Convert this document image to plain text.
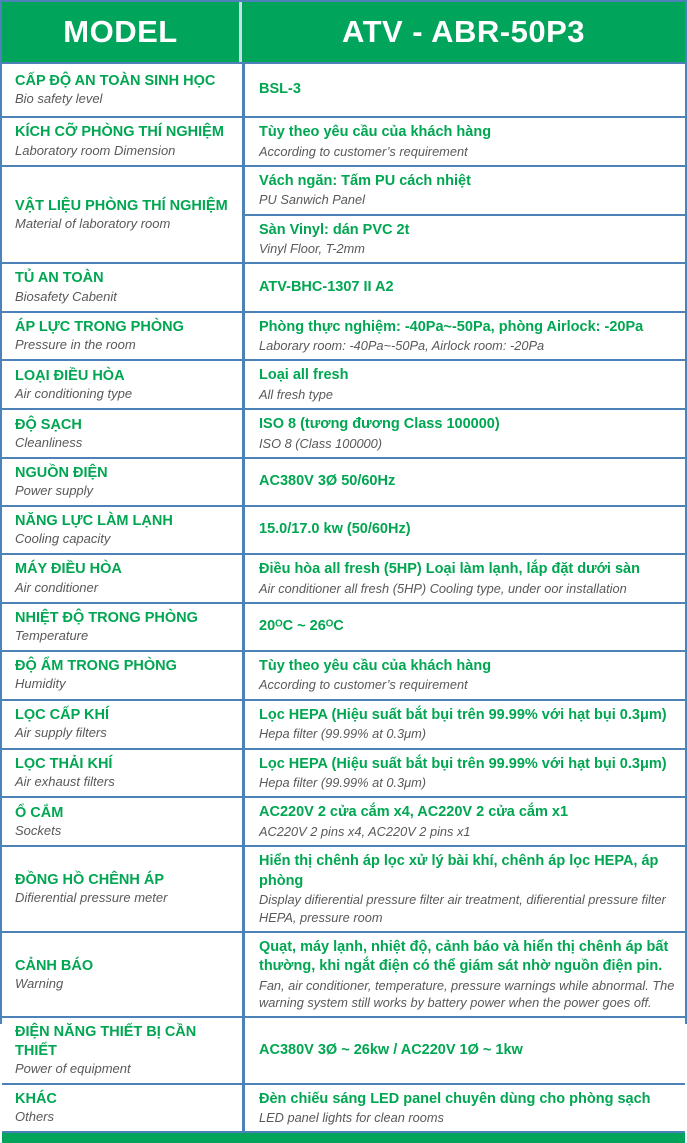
MODEL	ATV - ABR-50P3
CẤP ĐỘ AN TOÀN SINH HỌC
Bio safety level
BSL-3
KÍCH CỠ PHÒNG THÍ NGHIỆM
Laboratory room Dimension
Tùy theo yêu cầu của khách hàng
According to customer’s requirement
VẬT LIỆU PHÒNG THÍ NGHIỆM
Material of laboratory room
Vách ngăn: Tấm PU cách nhiệt
PU Sanwich Panel
Sàn Vinyl: dán PVC 2t
Vinyl Floor, T-2mm
TỦ AN TOÀN
Biosafety Cabenit
ATV-BHC-1307 II A2
ÁP LỰC TRONG PHÒNG
Pressure in the room
Phòng thực nghiệm: -40Pa~-50Pa, phòng Airlock: -20Pa
Laborary room: -40Pa~-50Pa, Airlock room: -20Pa
LOẠI ĐIỀU HÒA
Air conditioning type
Loại all fresh
All fresh type
ĐỘ SẠCH
Cleanliness
ISO 8 (tương đương Class 100000)
ISO 8 (Class 100000)
NGUỒN ĐIỆN
Power supply
AC380V 3Ø 50/60Hz
NĂNG LỰC LÀM LẠNH
Cooling capacity
15.0/17.0 kw (50/60Hz)
MÁY ĐIỀU HÒA
Air conditioner
Điều hòa all fresh (5HP) Loại làm lạnh, lắp đặt dưới sàn
Air conditioner all fresh (5HP) Cooling type, under oor installation
NHIỆT ĐỘ TRONG PHÒNG
Temperature
20ᴼC ~ 26ᴼC
ĐỘ ẨM TRONG PHÒNG
Humidity
Tùy theo yêu cầu của khách hàng
According to customer’s requirement
LỌC CẤP KHÍ
Air supply filters
Lọc HEPA (Hiệu suất bắt bụi trên 99.99% với hạt bụi 0.3μm)
Hepa filter (99.99% at 0.3μm)
LỌC THẢI KHÍ
Air exhaust filters
Lọc HEPA (Hiệu suất bắt bụi trên 99.99% với hạt bụi 0.3μm)
Hepa filter (99.99% at 0.3μm)
Ổ CẮM
Sockets
AC220V 2 cửa cắm x4, AC220V 2 cửa cắm x1
AC220V 2 pins x4, AC220V 2 pins x1
ĐỒNG HỒ CHÊNH ÁP
Difierential pressure meter
Hiển thị chênh áp lọc xử lý bài khí, chênh áp lọc HEPA, áp phòng
Display difierential pressure filter air treatment, difierential pressure filter HEPA, pressure room
CẢNH BÁO
Warning
Quạt, máy lạnh, nhiệt độ, cảnh báo và hiển thị chênh áp bất thường, khi ngắt điện có thể giám sát nhờ nguồn điện pin.
Fan, air conditioner, temperature, pressure warnings while abnormal. The warning system still works by battery power when the power goes off.
ĐIỆN NĂNG THIẾT BỊ CẦN THIẾT
Power of equipment
AC380V 3Ø ~ 26kw / AC220V 1Ø ~ 1kw
KHÁC
Others
Đèn chiếu sáng LED panel chuyên dùng cho phòng sạch
LED panel lights for clean rooms
